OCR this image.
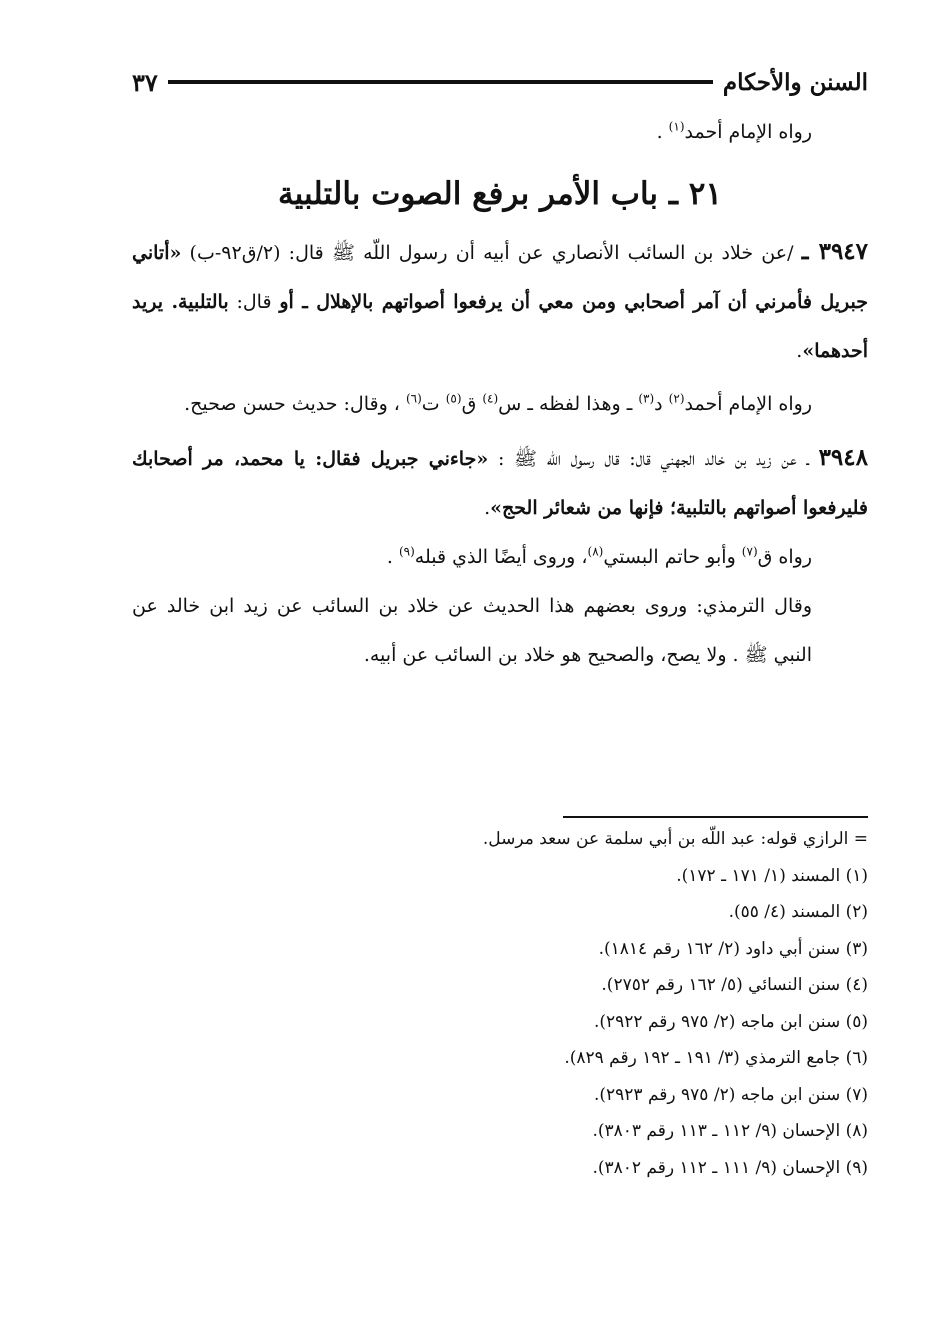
السنن والأحكام
٣٧

رواه الإمام أحمد$^{(١)}$ .

٢١ ـ باب الأمر برفع الصوت بالتلبية

٣٩٤٧ ـ /عن خلاد بن السائب الأنصاري عن أبيه أن رسول اللّه ﷺ قال: (٢/ق٩٢-ب) «أتاني جبريل فأمرني أن آمر أصحابي ومن معي أن يرفعوا أصواتهم بالإهلال ـ أو قال: بالتلبية. يريد أحدهما».

رواه الإمام أحمد$^{(٢)}$ د$^{(٣)}$ ـ وهذا لفظه ـ س$^{(٤)}$ ق$^{(٥)}$ ت$^{(٦)}$ ، وقال: حديث حسن صحيح.

٣٩٤٨ ـ عن زيد بن خالد الجهني قال: قال رسول اللّه ﷺ : «جاءني جبريل فقال: يا محمد، مر أصحابك فليرفعوا أصواتهم بالتلبية؛ فإنها من شعائر الحج».

رواه ق$^{(٧)}$ وأبو حاتم البستي$^{(٨)}$، وروى أيضًا الذي قبله$^{(٩)}$ .

وقال الترمذي: وروى بعضهم هذا الحديث عن خلاد بن السائب عن زيد ابن خالد عن النبي ﷺ . ولا يصح، والصحيح هو خلاد بن السائب عن أبيه.

= الرازي قوله: عبد اللّه بن أبي سلمة عن سعد مرسل.
(١) المسند (١/ ١٧١ ـ ١٧٢).
(٢) المسند (٤/ ٥٥).
(٣) سنن أبي داود (٢/ ١٦٢ رقم ١٨١٤).
(٤) سنن النسائي (٥/ ١٦٢ رقم ٢٧٥٢).
(٥) سنن ابن ماجه (٢/ ٩٧٥ رقم ٢٩٢٢).
(٦) جامع الترمذي (٣/ ١٩١ ـ ١٩٢ رقم ٨٢٩).
(٧) سنن ابن ماجه (٢/ ٩٧٥ رقم ٢٩٢٣).
(٨) الإحسان (٩/ ١١٢ ـ ١١٣ رقم ٣٨٠٣).
(٩) الإحسان (٩/ ١١١ ـ ١١٢ رقم ٣٨٠٢).
